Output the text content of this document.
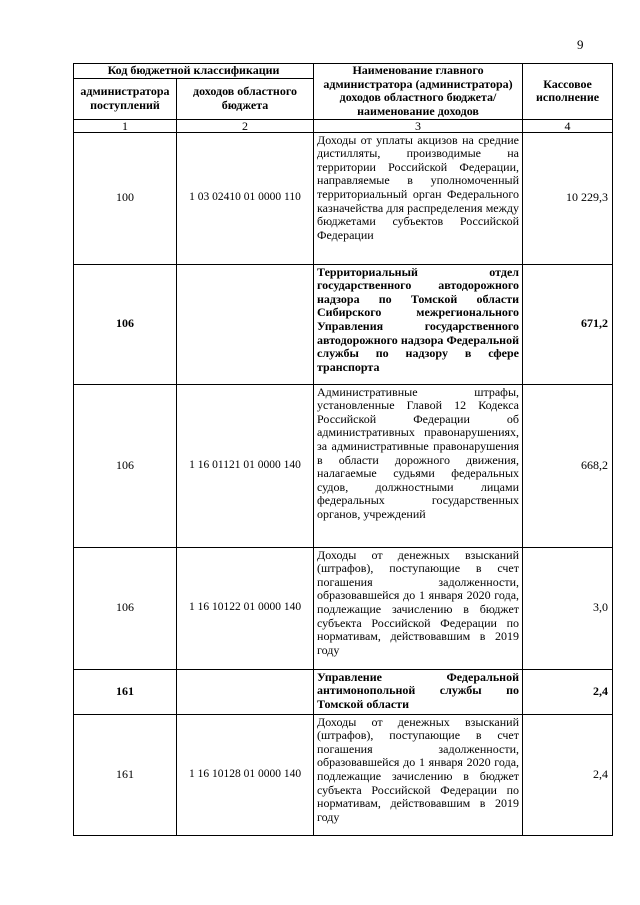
9
Код бюджетной классификации		Наименование главного администратора (администратора) доходов областного бюджета/ наименование доходов	Кассовое исполнение
администратора поступлений	доходов областного бюджета		
1	2	3	4
100	1 03 02410 01 0000 110	Доходы от уплаты акцизов на средние дистилляты, производимые на территории Российской Федерации, направляемые в уполномоченный территориальный орган Федерального казначейства для распределения между бюджетами субъектов Российской Федерации	10 229,3
106		Территориальный отдел государственного автодорожного надзора по Томской области Сибирского межрегионального Управления государственного автодорожного надзора Федеральной службы по надзору в сфере транспорта	671,2
106	1 16 01121 01 0000 140	Административные штрафы, установленные Главой 12 Кодекса Российской Федерации об административных правонарушениях, за административные правонарушения в области дорожного движения, налагаемые судьями федеральных судов, должностными лицами федеральных государственных органов, учреждений	668,2
106	1 16 10122 01 0000 140	Доходы от денежных взысканий (штрафов), поступающие в счет погашения задолженности, образовавшейся до 1 января 2020 года, подлежащие зачислению в бюджет субъекта Российской Федерации по нормативам, действовавшим в 2019 году	3,0
161		Управление Федеральной антимонопольной службы по Томской области	2,4
161	1 16 10128 01 0000 140	Доходы от денежных взысканий (штрафов), поступающие в счет погашения задолженности, образовавшейся до 1 января 2020 года, подлежащие зачислению в бюджет субъекта Российской Федерации по нормативам, действовавшим в 2019 году	2,4
